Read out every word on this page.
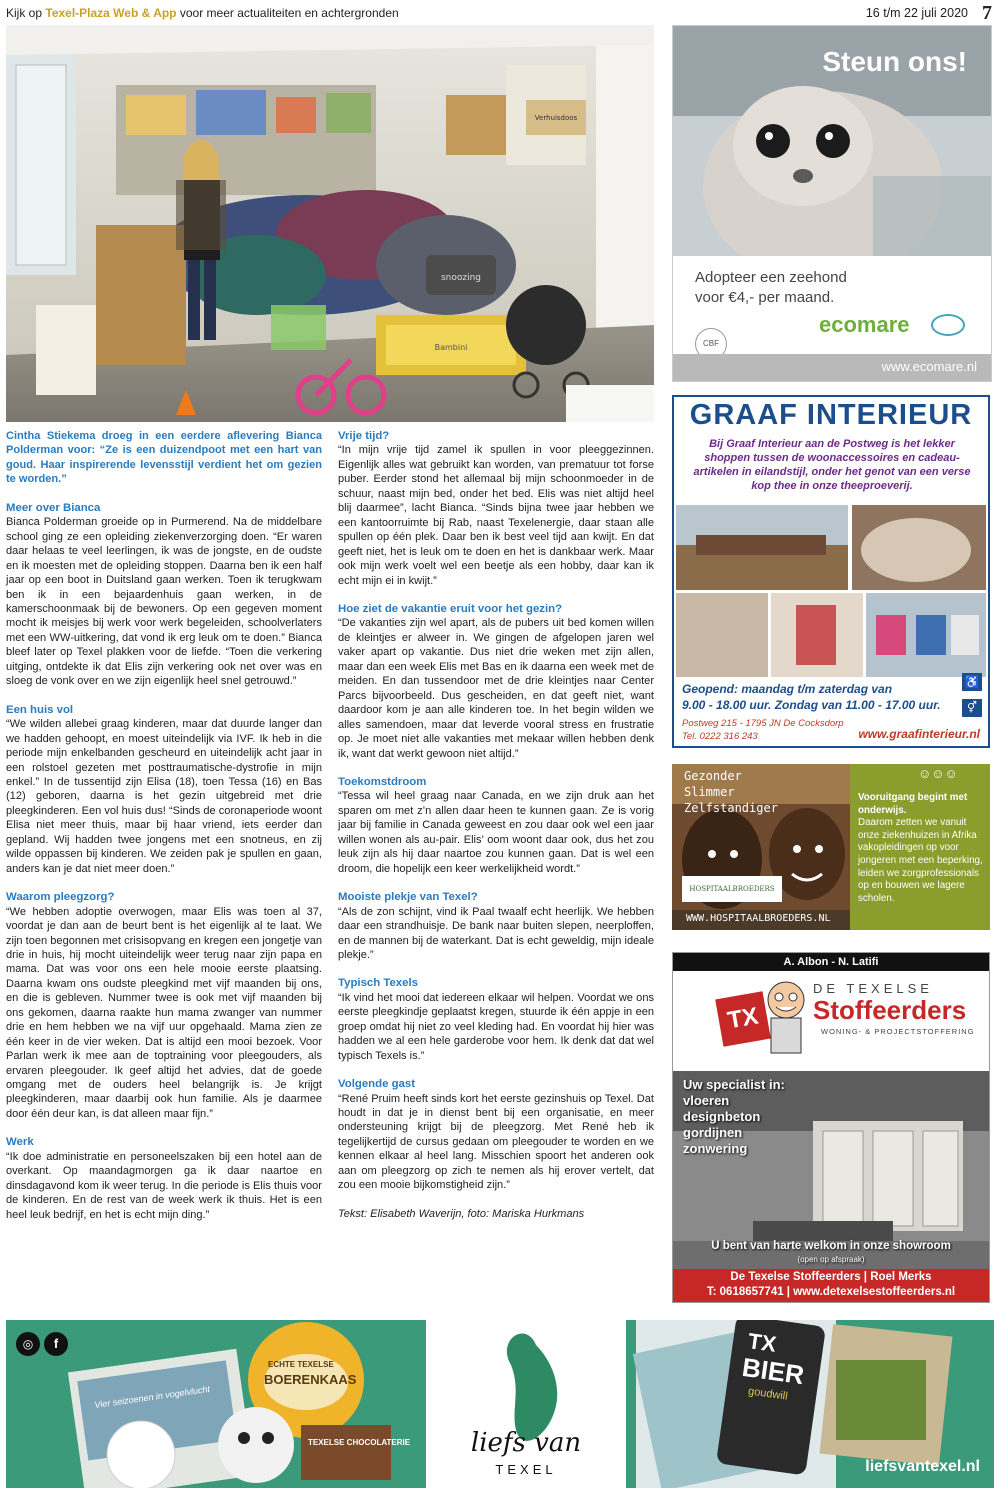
Kijk op Texel-Plaza Web & App voor meer actualiteiten en achtergronden	16 t/m 22 juli 2020 7
Bambini
snoozing
Verhuisdoos

Cintha Stiekema droeg in een eerdere aflevering Bianca Polderman voor: “Ze is een duizendpoot met een hart van goud. Haar inspirerende levensstijl verdient het om gezien te worden.”

Meer over Bianca

Bianca Polderman groeide op in Purmerend. Na de middelbare school ging ze een opleiding ziekenverzorging doen. “Er waren daar helaas te veel leerlingen, ik was de jongste, en de oudste en ik moesten met de opleiding stoppen. Daarna ben ik een half jaar op een boot in Duitsland gaan werken. Toen ik terugkwam ben ik in een bejaardenhuis gaan werken, in de kamerschoonmaak bij de bewoners. Op een gegeven moment mocht ik meisjes bij werk voor werk begeleiden, schoolverlaters met een WW-uitkering, dat vond ik erg leuk om te doen.” Bianca bleef later op Texel plakken voor de liefde. “Toen die verkering uitging, ontdekte ik dat Elis zijn verkering ook net over was en sloeg de vonk over en we zijn eigenlijk heel snel getrouwd.”

Een huis vol

“We wilden allebei graag kinderen, maar dat duurde langer dan we hadden gehoopt, en moest uiteindelijk via IVF. Ik heb in die periode mijn enkelbanden gescheurd en uiteindelijk acht jaar in een rolstoel gezeten met posttraumatische-dystrofie in mijn enkel.” In de tussentijd zijn Elisa (18), toen Tessa (16) en Bas (12) geboren, daarna is het gezin uitgebreid met drie pleegkinderen. Een vol huis dus! “Sinds de coronaperiode woont Elisa niet meer thuis, maar bij haar vriend, iets eerder dan gepland. Wij hadden twee jongens met een snotneus, en zij wilde oppassen bij kinderen. We zeiden pak je spullen en gaan, anders kan je dat niet meer doen.”

Waarom pleegzorg?

“We hebben adoptie overwogen, maar Elis was toen al 37, voordat je dan aan de beurt bent is het eigenlijk al te laat. We zijn toen begonnen met crisisopvang en kregen een jongetje van drie in huis, hij mocht uiteindelijk weer terug naar zijn papa en mama. Dat was voor ons een hele mooie eerste plaatsing. Daarna kwam ons oudste pleegkind met vijf maanden bij ons, en die is gebleven. Nummer twee is ook met vijf maanden bij ons gekomen, daarna raakte hun mama zwanger van nummer drie en hem hebben we na vijf uur opgehaald. Mama zien ze één keer in de vier weken. Dat is altijd een mooi bezoek. Voor Parlan werk ik mee aan de toptraining voor pleegouders, als ervaren pleegouder. Ik geef altijd het advies, dat de goede omgang met de ouders heel belangrijk is. Je krijgt pleegkinderen, maar daarbij ook hun familie. Als je daarmee door één deur kan, is dat alleen maar fijn.”

Werk

“Ik doe administratie en personeelszaken bij een hotel aan de overkant. Op maandagmorgen ga ik daar naartoe en dinsdagavond kom ik weer terug. In die periode is Elis thuis voor de kinderen. En de rest van de week werk ik thuis. Het is een heel leuk bedrijf, en het is echt mijn ding.”

Vrije tijd?

“In mijn vrije tijd zamel ik spullen in voor pleeggezinnen. Eigenlijk alles wat gebruikt kan worden, van prematuur tot forse puber. Eerder stond het allemaal bij mijn schoonmoeder in de schuur, naast mijn bed, onder het bed. Elis was niet altijd heel blij daarmee”, lacht Bianca. “Sinds bijna twee jaar hebben we een kantoorruimte bij Rab, naast Texelenergie, daar staan alle spullen op één plek. Daar ben ik best veel tijd aan kwijt. En dat geeft niet, het is leuk om te doen en het is dankbaar werk. Maar ook mijn werk voelt wel een beetje als een hobby, daar kan ik echt mijn ei in kwijt.”

Hoe ziet de vakantie eruit voor het gezin?

“De vakanties zijn wel apart, als de pubers uit bed komen willen de kleintjes er alweer in. We gingen de afgelopen jaren wel vaker apart op vakantie. Dus niet drie weken met zijn allen, maar dan een week Elis met Bas en ik daarna een week met de meiden. En dan tussendoor met de drie kleintjes naar Center Parcs bijvoorbeeld. Dus gescheiden, en dat geeft niet, want daardoor kom je aan alle kinderen toe. In het begin wilden we alles samendoen, maar dat leverde vooral stress en frustratie op. Je moet niet alle vakanties met mekaar willen hebben denk ik, want dat werkt gewoon niet altijd.”

Toekomstdroom

“Tessa wil heel graag naar Canada, en we zijn druk aan het sparen om met z’n allen daar heen te kunnen gaan. Ze is vorig jaar bij familie in Canada geweest en zou daar ook wel een jaar willen wonen als au-pair. Elis’ oom woont daar ook, dus het zou leuk zijn als hij daar naartoe zou kunnen gaan. Dat is wel een droom, die hopelijk een keer werkelijkheid wordt.”

Mooiste plekje van Texel?

“Als de zon schijnt, vind ik Paal twaalf echt heerlijk. We hebben daar een strandhuisje. De bank naar buiten slepen, neerploffen, en de mannen bij de waterkant. Dat is echt geweldig, mijn ideale plekje.”

Typisch Texels

“Ik vind het mooi dat iedereen elkaar wil helpen. Voordat we ons eerste pleegkindje geplaatst kregen, stuurde ik één appje in een groep omdat hij niet zo veel kleding had. En voordat hij hier was hadden we al een hele garderobe voor hem. Ik denk dat dat wel typisch Texels is.”

Volgende gast

“René Pruim heeft sinds kort het eerste gezinshuis op Texel. Dat houdt in dat je in dienst bent bij een organisatie, en meer ondersteuning krijgt bij de pleegzorg. Met René heb ik tegelijkertijd de cursus gedaan om pleegouder te worden en we kennen elkaar al heel lang. Misschien spoort het anderen ook aan om pleegzorg op zich te nemen als hij erover vertelt, dat zou een mooie bijkomstigheid zijn.”

Tekst: Elisabeth Waverijn, foto: Mariska Hurkmans

Steun ons!
Adopteer een zeehond
voor €4,- per maand.
ecomare
CBF
www.ecomare.nl
GRAAF INTERIEUR
Bij Graaf Interieur aan de Postweg is het lekker shoppen tussen de woonaccessoires en cadeau-artikelen in eilandstijl, onder het genot van een verse kop thee in onze theeproeverij.
Geopend: maandag t/m zaterdag van
9.00 - 18.00 uur. Zondag van 11.00 - 17.00 uur.
♿
⚥
Postweg 215 - 1795 JN De Cocksdorp
Tel. 0222 316 243	www.graafinterieur.nl
Gezonder
Slimmer
Zelfstandiger
HOSPITAALBROEDERS
WWW.HOSPITAALBROEDERS.NL
☺☺☺
Vooruitgang begint met onderwijs.
Daarom zetten we vanuit onze ziekenhuizen in Afrika vakopleidingen op voor jongeren met een beperking, leiden we zorgprofessionals op en bouwen we lagere scholen.
A. Albon - N. Latifi
TX
DE TEXELSE
Stoffeerders
WONING- & PROJECTSTOFFERING
Uw specialist in:
vloeren
designbeton
gordijnen
zonwering
U bent van harte welkom in onze showroom
(open op afspraak)
De Texelse Stoffeerders | Roel Merks
T: 0618657741 | www.detexelsestoffeerders.nl
◎	f
ECHTE TEXELSE
BOERENKAAS
TEXELSE CHOCOLATERIE
Vier seizoenen in vogelvlucht
liefs van
TEXEL
TX
BIER
goudwill
liefsvantexel.nl
